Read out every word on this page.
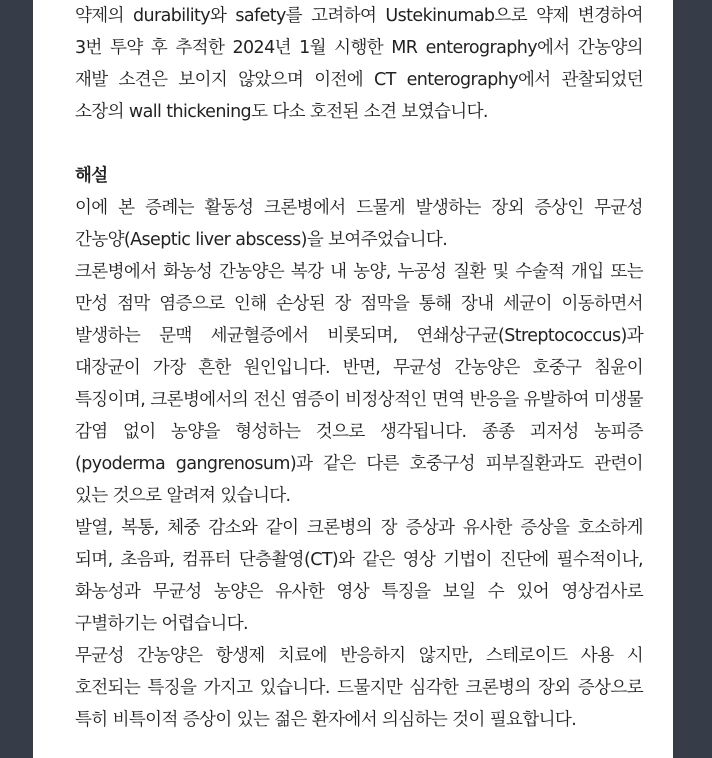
약제의 durability와 safety를 고려하여 Ustekinumab으로 약제 변경하여 3번 투약 후 추적한 2024년 1월 시행한 MR enterography에서 간농양의 재발 소견은 보이지 않았으며 이전에 CT enterography에서 관찰되었던 소장의 wall thickening도 다소 호전된 소견 보였습니다.

해설

이에 본 증례는 활동성 크론병에서 드물게 발생하는 장외 증상인 무균성 간농양(Aseptic liver abscess)을 보여주었습니다.

크론병에서 화농성 간농양은 복강 내 농양, 누공성 질환 및 수술적 개입 또는 만성 점막 염증으로 인해 손상된 장 점막을 통해 장내 세균이 이동하면서 발생하는 문맥 세균혈증에서 비롯되며, 연쇄상구균(Streptococcus)과 대장균이 가장 흔한 원인입니다. 반면, 무균성 간농양은 호중구 침윤이 특징이며, 크론병에서의 전신 염증이 비정상적인 면역 반응을 유발하여 미생물 감염 없이 농양을 형성하는 것으로 생각됩니다. 종종 괴저성 농피증(pyoderma gangrenosum)과 같은 다른 호중구성 피부질환과도 관련이 있는 것으로 알려져 있습니다.

발열, 복통, 체중 감소와 같이 크론병의 장 증상과 유사한 증상을 호소하게 되며, 초음파, 컴퓨터 단층촬영(CT)와 같은 영상 기법이 진단에 필수적이나, 화농성과 무균성 농양은 유사한 영상 특징을 보일 수 있어 영상검사로 구별하기는 어렵습니다.

무균성 간농양은 항생제 치료에 반응하지 않지만, 스테로이드 사용 시 호전되는 특징을 가지고 있습니다. 드물지만 심각한 크론병의 장외 증상으로 특히 비특이적 증상이 있는 젊은 환자에서 의심하는 것이 필요합니다.
